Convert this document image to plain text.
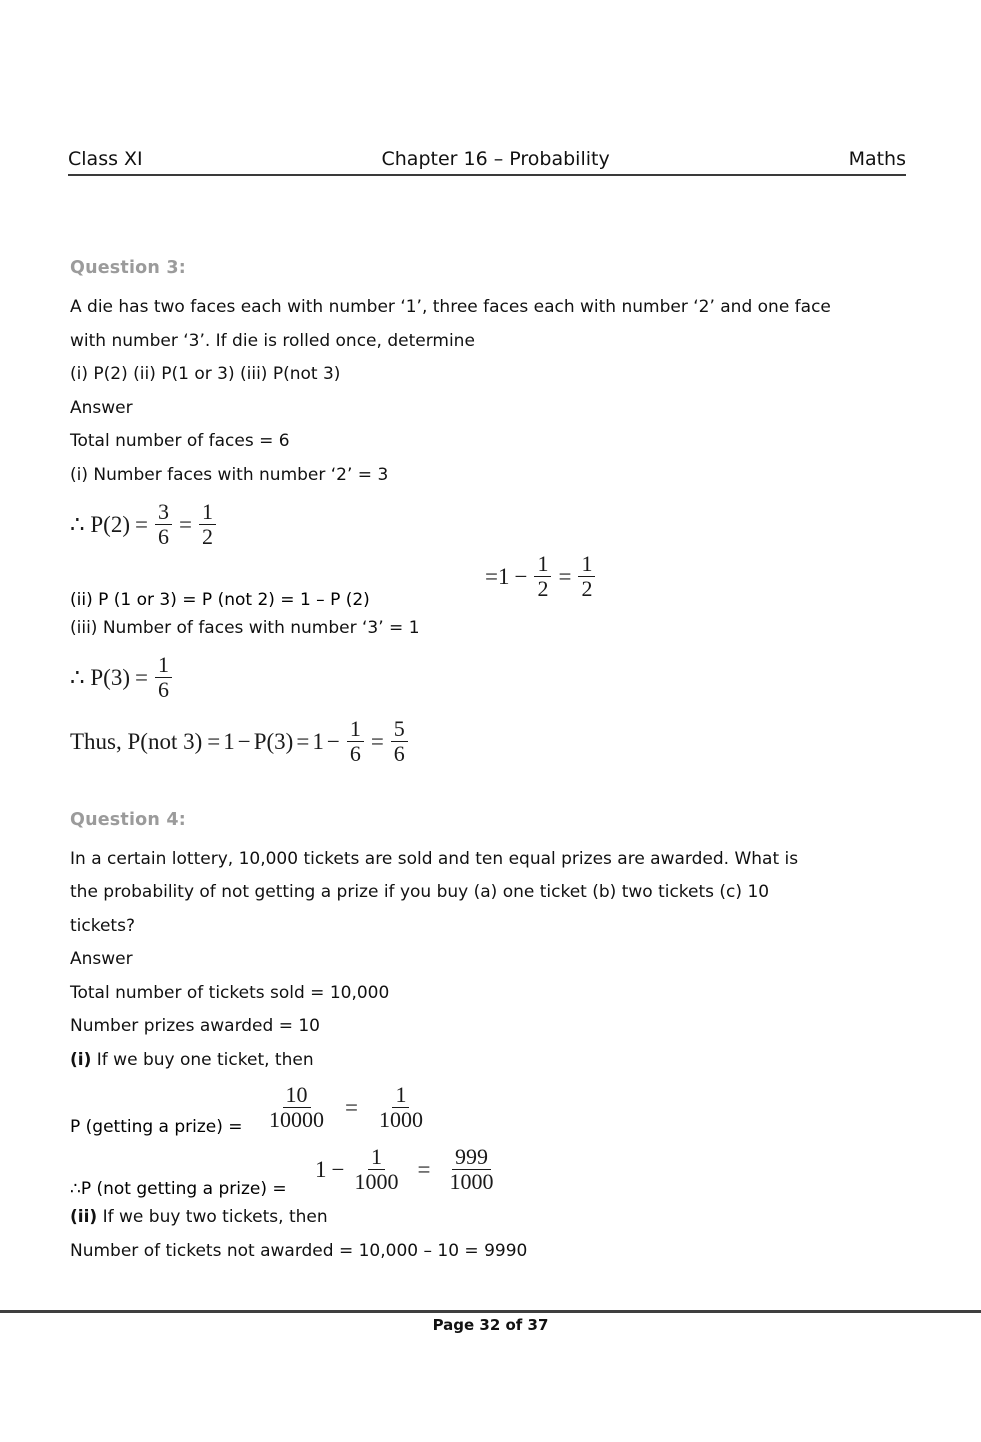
Class XI	Chapter 16 – Probability	Maths
Question 3:
A die has two faces each with number ‘1’, three faces each with number ‘2’ and one face
with number ‘3’. If die is rolled once, determine
(i) P(2) (ii) P(1 or 3) (iii) P(not 3)
Answer
Total number of faces = 6
(i) Number faces with number ‘2’ = 3
∴ $P(2) = \frac{3}{6} = \frac{1}{2}$
(ii) P (1 or 3) = P (not 2) = 1 – P (2)
$=1 - \frac{1}{2} = \frac{1}{2}$
(iii) Number of faces with number ‘3’ = 1
∴ $P(3) = \frac{1}{6}$
Thus, P(not $3) = 1 - P(3) = 1 - \frac{1}{6} = \frac{5}{6}$
Question 4:
In a certain lottery, 10,000 tickets are sold and ten equal prizes are awarded. What is
the probability of not getting a prize if you buy (a) one ticket (b) two tickets (c) 10
tickets?
Answer
Total number of tickets sold = 10,000
Number prizes awarded = 10
(i) If we buy one ticket, then
P (getting a prize) = $\frac{10}{10000} = \frac{1}{1000}$
∴P (not getting a prize) =
$1 - \frac{1}{1000} = \frac{999}{1000}$
(ii) If we buy two tickets, then
Number of tickets not awarded = 10,000 – 10 = 9990
Page 32 of 37
